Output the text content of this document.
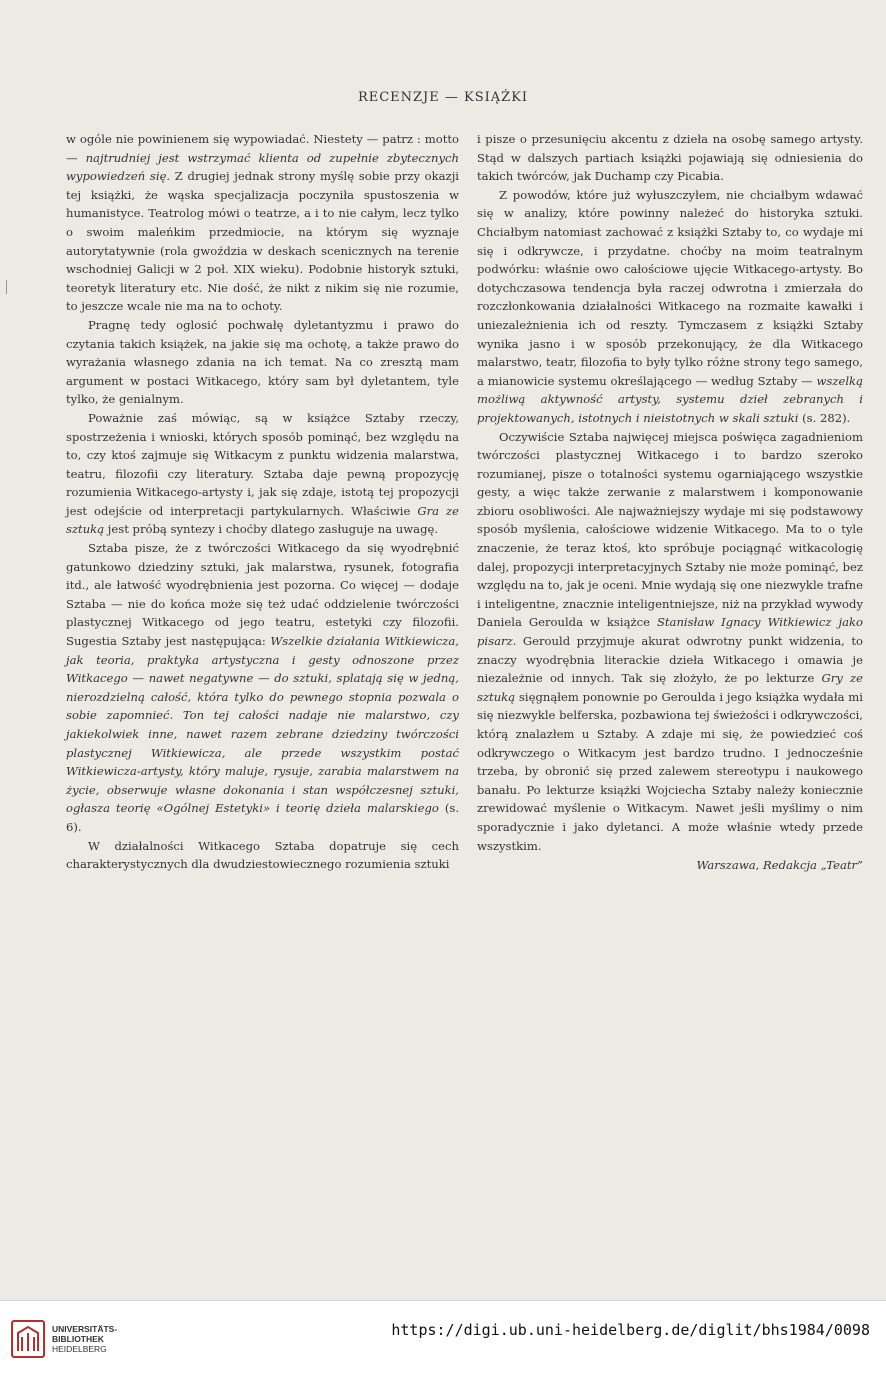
RECENZJE — KSIĄŻKI

w ogóle nie powinienem się wypowiadać. Niestety — patrz : motto — najtrudniej jest wstrzymać klienta od zupełnie zbytecznych wypowiedzeń się. Z drugiej jednak strony myślę sobie przy okazji tej książki, że wąska specjalizacja poczyniła spustoszenia w humanistyce. Teatrolog mówi o teatrze, a i to nie całym, lecz tylko o swoim maleńkim przedmiocie, na którym się wyznaje autorytatywnie (rola gwoździa w deskach scenicznych na terenie wschodniej Galicji w 2 poł. XIX wieku). Podobnie historyk sztuki, teoretyk literatury etc. Nie dość, że nikt z nikim się nie rozumie, to jeszcze wcale nie ma na to ochoty.

Pragnę tedy oglosić pochwałę dyletantyzmu i prawo do czytania takich książek, na jakie się ma ochotę, a także prawo do wyrażania własnego zdania na ich temat. Na co zresztą mam argument w postaci Witkacego, który sam był dyletantem, tyle tylko, że genialnym.

Poważnie zaś mówiąc, są w książce Sztaby rzeczy, spostrzeżenia i wnioski, których sposób pominąć, bez względu na to, czy ktoś zajmuje się Witkacym z punktu widzenia malarstwa, teatru, filozofii czy literatury. Sztaba daje pewną propozycję rozumienia Witkacego-artysty i, jak się zdaje, istotą tej propozycji jest odejście od interpretacji partykularnych. Właściwie Gra ze sztuką jest próbą syntezy i choćby dlatego zasługuje na uwagę.

Sztaba pisze, że z twórczości Witkacego da się wyodrębnić gatunkowo dziedziny sztuki, jak malarstwa, rysunek, fotografia itd., ale łatwość wyodrębnienia jest pozorna. Co więcej — dodaje Sztaba — nie do końca może się też udać oddzielenie twórczości plastycznej Witkacego od jego teatru, estetyki czy filozofii. Sugestia Sztaby jest następująca: Wszelkie działania Witkiewicza, jak teoria, praktyka artystyczna i gesty odnoszone przez Witkacego — nawet negatywne — do sztuki, splatają się w jedną, nierozdzielną całość, która tylko do pewnego stopnia pozwala o sobie zapomnieć. Ton tej całości nadaje nie malarstwo, czy jakiekolwiek inne, nawet razem zebrane dziedziny twórczości plastycznej Witkiewicza, ale przede wszystkim postać Witkiewicza-artysty, który maluje, rysuje, zarabia malarstwem na życie, obserwuje własne dokonania i stan współczesnej sztuki, ogłasza teorię «Ogólnej Estetyki» i teorię dzieła malarskiego (s. 6).

W działalności Witkacego Sztaba dopatruje się cech charakterystycznych dla dwudziestowiecznego rozumienia sztuki

i pisze o przesunięciu akcentu z dzieła na osobę samego artysty. Stąd w dalszych partiach książki pojawiają się odniesienia do takich twórców, jak Duchamp czy Picabia.

Z powodów, które już wyłuszczyłem, nie chciałbym wdawać się w analizy, które powinny należeć do historyka sztuki. Chciałbym natomiast zachować z książki Sztaby to, co wydaje mi się i odkrywcze, i przydatne. choćby na moim teatralnym podwórku: właśnie owo całościowe ujęcie Witkacego-artysty. Bo dotychczasowa tendencja była raczej odwrotna i zmierzała do rozczłonkowania działalności Witkacego na rozmaite kawałki i uniezależnienia ich od reszty. Tymczasem z książki Sztaby wynika jasno i w sposób przekonujący, że dla Witkacego malarstwo, teatr, filozofia to były tylko różne strony tego samego, a mianowicie systemu określającego — według Sztaby — wszelką możliwą aktywność artysty, systemu dzieł zebranych i projektowanych, istotnych i nieistotnych w skali sztuki (s. 282).

Oczywiście Sztaba najwięcej miejsca poświęca zagadnieniom twórczości plastycznej Witkacego i to bardzo szeroko rozumianej, pisze o totalności systemu ogarniającego wszystkie gesty, a więc także zerwanie z malarstwem i komponowanie zbioru osobliwości. Ale najważniejszy wydaje mi się podstawowy sposób myślenia, całościowe widzenie Witkacego. Ma to o tyle znaczenie, że teraz ktoś, kto spróbuje pociągnąć witkacologię dalej, propozycji interpretacyjnych Sztaby nie może pominąć, bez względu na to, jak je oceni. Mnie wydają się one niezwykle trafne i inteligentne, znacznie inteligentniejsze, niż na przykład wywody Daniela Geroulda w książce Stanisław Ignacy Witkiewicz jako pisarz. Gerould przyjmuje akurat odwrotny punkt widzenia, to znaczy wyodrębnia literackie dzieła Witkacego i omawia je niezależnie od innych. Tak się złożyło, że po lekturze Gry ze sztuką sięgnąłem ponownie po Geroulda i jego książka wydała mi się niezwykle belferska, pozbawiona tej świeżości i odkrywczości, którą znalazłem u Sztaby. A zdaje mi się, że powiedzieć coś odkrywczego o Witkacym jest bardzo trudno. I jednocześnie trzeba, by obronić się przed zalewem stereotypu i naukowego banału. Po lekturze książki Wojciecha Sztaby należy koniecznie zrewidować myślenie o Witkacym. Nawet jeśli myślimy o nim sporadycznie i jako dyletanci. A może właśnie wtedy przede wszystkim.

Warszawa, Redakcja „Teatr”
UNIVERSITÄTS-
BIBLIOTHEK
HEIDELBERG
https://digi.ub.uni-heidelberg.de/diglit/bhs1984/0098
